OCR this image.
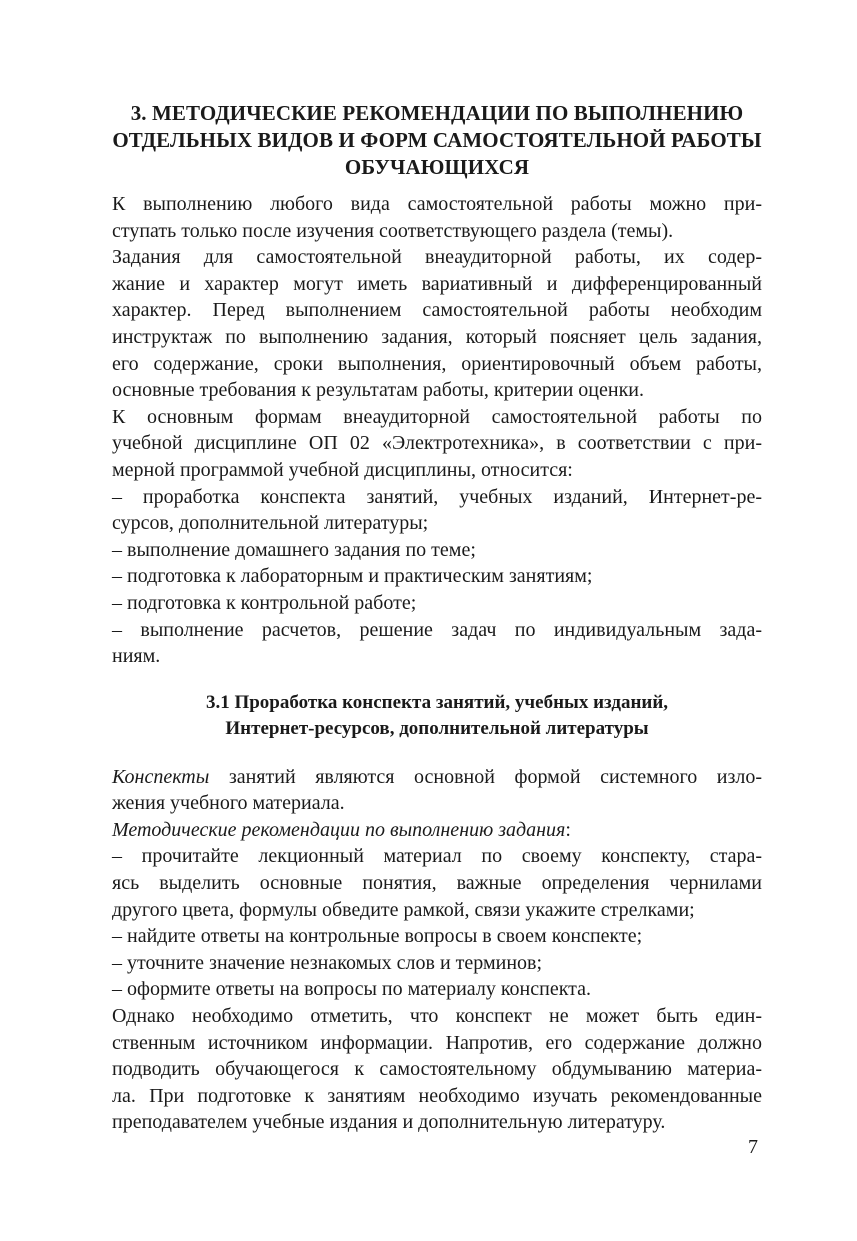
3. МЕТОДИЧЕСКИЕ РЕКОМЕНДАЦИИ ПО ВЫПОЛНЕНИЮ
ОТДЕЛЬНЫХ ВИДОВ И ФОРМ САМОСТОЯТЕЛЬНОЙ РАБОТЫ
ОБУЧАЮЩИХСЯ

К выполнению любого вида самостоятельной работы можно при-
ступать только после изучения соответствующего раздела (темы).

Задания для самостоятельной внеаудиторной работы, их содер-
жание и характер могут иметь вариативный и дифференцированный
характер. Перед выполнением самостоятельной работы необходим
инструктаж по выполнению задания, который поясняет цель задания,
его содержание, сроки выполнения, ориентировочный объем работы,
основные требования к результатам работы, критерии оценки.

К основным формам внеаудиторной самостоятельной работы по
учебной дисциплине ОП 02 «Электротехника», в соответствии с при-
мерной программой учебной дисциплины, относится:

– проработка конспекта занятий, учебных изданий, Интернет-ре-
сурсов, дополнительной литературы;

– выполнение домашнего задания по теме;

– подготовка к лабораторным и практическим занятиям;

– подготовка к контрольной работе;

– выполнение расчетов, решение задач по индивидуальным зада-
ниям.

3.1 Проработка конспекта занятий, учебных изданий,
Интернет-ресурсов, дополнительной литературы

Конспекты занятий являются основной формой системного изло-
жения учебного материала.

Методические рекомендации по выполнению задания:

– прочитайте лекционный материал по своему конспекту, стара-
ясь выделить основные понятия, важные определения чернилами
другого цвета, формулы обведите рамкой, связи укажите стрелками;

– найдите ответы на контрольные вопросы в своем конспекте;

– уточните значение незнакомых слов и терминов;

– оформите ответы на вопросы по материалу конспекта.

Однако необходимо отметить, что конспект не может быть един-
ственным источником информации. Напротив, его содержание должно
подводить обучающегося к самостоятельному обдумыванию материа-
ла. При подготовке к занятиям необходимо изучать рекомендованные
преподавателем учебные издания и дополнительную литературу.

7
